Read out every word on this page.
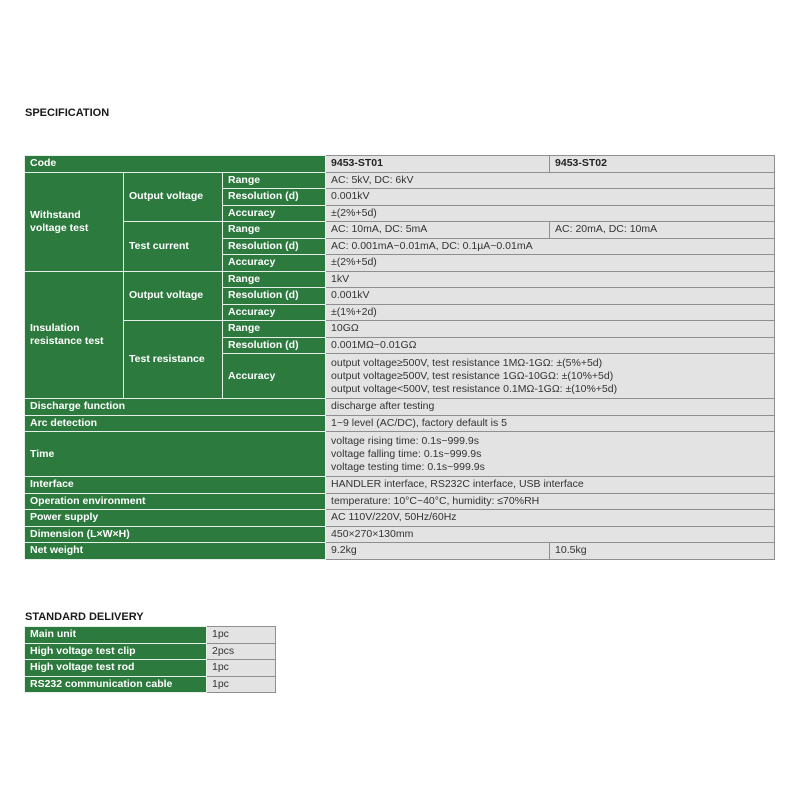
SPECIFICATION
Code			9453-ST01	9453-ST02
Withstand voltage test	Output voltage	Range	AC: 5kV, DC: 6kV	
		Resolution (d)	0.001kV	
		Accuracy	±(2%+5d)	
	Test current	Range	AC: 10mA, DC: 5mA	AC: 20mA, DC: 10mA
		Resolution (d)	AC: 0.001mA~0.01mA, DC: 0.1µA~0.01mA	
		Accuracy	±(2%+5d)	
Insulation resistance test	Output voltage	Range	1kV	
		Resolution (d)	0.001kV	
		Accuracy	±(1%+2d)	
	Test resistance	Range	10GΩ	
		Resolution (d)	0.001MΩ~0.01GΩ	
		Accuracy	output voltage≥500V, test resistance 1MΩ-1GΩ: ±(5%+5d)
output voltage≥500V, test resistance 1GΩ-10GΩ: ±(10%+5d)
output voltage<500V, test resistance 0.1MΩ-1GΩ: ±(10%+5d)	

Discharge function			discharge after testing	
Arc detection			1~9 level (AC/DC), factory default is 5	
Time			voltage rising time: 0.1s~999.9s
voltage falling time: 0.1s~999.9s
voltage testing time: 0.1s~999.9s	

Interface			HANDLER interface, RS232C interface, USB interface	
Operation environment			temperature: 10°C~40°C, humidity: ≤70%RH	
Power supply			AC 110V/220V, 50Hz/60Hz	
Dimension (L×W×H)			450×270×130mm	
Net weight			9.2kg	10.5kg
STANDARD DELIVERY
Main unit	1pc
High voltage test clip	2pcs
High voltage test rod	1pc
RS232 communication cable	1pc
